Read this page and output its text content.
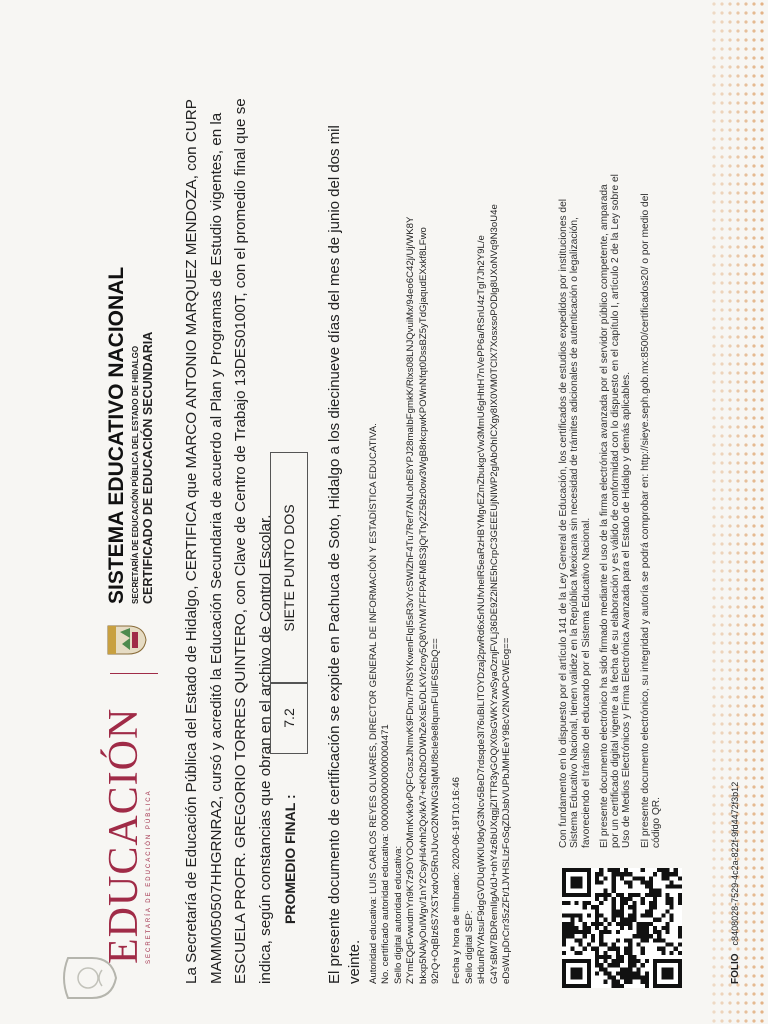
EDUCACIÓN SECRETARÍA DE EDUCACIÓN PÚBLICA
SISTEMA EDUCATIVO NACIONAL SECRETARÍA DE EDUCACIÓN PÚBLICA DEL ESTADO DE HIDALGO CERTIFICADO DE EDUCACIÓN SECUNDARIA La Secretaría de Educación Pública del Estado de Hidalgo, CERTIFICA que MARCO ANTONIO MARQUEZ MENDOZA, con CURP MAMM050507HHGRNRA2, cursó y acreditó la Educación Secundaria de acuerdo al Plan y Programas de Estudio vigentes, en la ESCUELA PROFR. GREGORIO TORRES QUINTERO, con Clave de Centro de Trabajo 13DES0100T, con el promedio final que se indica, según constancias que obran en el archivo de Control Escolar. PROMEDIO FINAL :
7.2
SIETE PUNTO DOS	El presente documento de certificación se expide en Pachuca de Soto, Hidalgo a los diecinueve días del mes de junio del dos mil veinte. Autoridad educativa: LUIS CARLOS REYES OLIVARES, DIRECTOR GENERAL DE INFORMACIÓN Y ESTADÍSTICA EDUCATIVA. No. certificado autoridad educativa: 00000000000000004471 Sello digital autoridad educativa: ZYmEQdFvwudmYn9K7z9OYOOMmKvk9vPQFCoszJNmvK9FDnu7PNSYKwenFIqI5sR3vYcSWIZhF4Tu7Ref7ANLohE8YPJ28maIbFgmkK/Rlxs08LNJQvuiMx/94eo6C42j/Uj/WK8Y bkxp5NAlyOuIWgv/1nY2CsyHi4vhh2Qx/kA7+eKh2bODWhZeXsEvDLKVr2roy5Q8VhVM7FFPAFMBS3jQrTty2Z5Bz0ow3WgB8rkcpwKPOWnNfqt0DssBZ5yTdGjaqudEXxkf8LFwo 92rQ+OqBIz6S7XSTxdvO5RnJUvcO2NWNG3IqMUf8cIe9e8IqumFUiIF6SEbQ== Fecha y hora de timbrado: 2020-06-19T10:16:46 Sello digital SEP: sHdunR/YAtsuF9dgGVDUqWKlU9dyG3Ncv5BeD7rdsqde3I76uBiLITOYDzaj2pwRd6x5rNUfvhelR5eaRzHBYMgvEZmZbukgcVw3MmU6gHhtH7nVePP6a/RSnU4zTgI7Jh2Y9L/e G4YsBM7BDRemIlgA/dJ+ohY4z6bUXqgjZITTR3yGOQ/X0sGWKYzwSyaOznjFVLj36DE9Z2iNE5hCrpC3GEEEUjNIWP2glAbOhICXgy8IX0VM0TClX7XosxsoPODlg8UXoNVq9N3oU4e eDsWLpDrCrr35zZFt/1JVHSLlzFoSqZDJsbVUPbJMHEeY9BcV2NVAPCWEog==	Con fundamento en lo dispuesto por el artículo 141 de la Ley General de Educación, los certificados de estudios expedidos por instituciones del Sistema Educativo Nacional, tienen validez en la República Mexicana sin necesidad de trámites adicionales de autenticación o legalización, favoreciendo el tránsito del educando por el Sistema Educativo Nacional. El presente documento electrónico ha sido firmado mediante el uso de la firma electrónica avanzada por el servidor público competente, amparada por un certificado digital vigente a la fecha de su elaboración y es válido de conformidad con lo dispuesto en el capítulo I, artículo 2 de la Ley sobre el Uso de Medios Electrónicos y Firma Electrónica Avanzada para el Estado de Hidalgo y demás aplicables. El presente documento electrónico, su integridad y autoría se podrá comprobar en: http://sieye.seph.gob.mx:8500/certificados20/ o por medio del código QR.
FOLIOc8408028-7529-4c2a-822f-9fd4472f3b12
